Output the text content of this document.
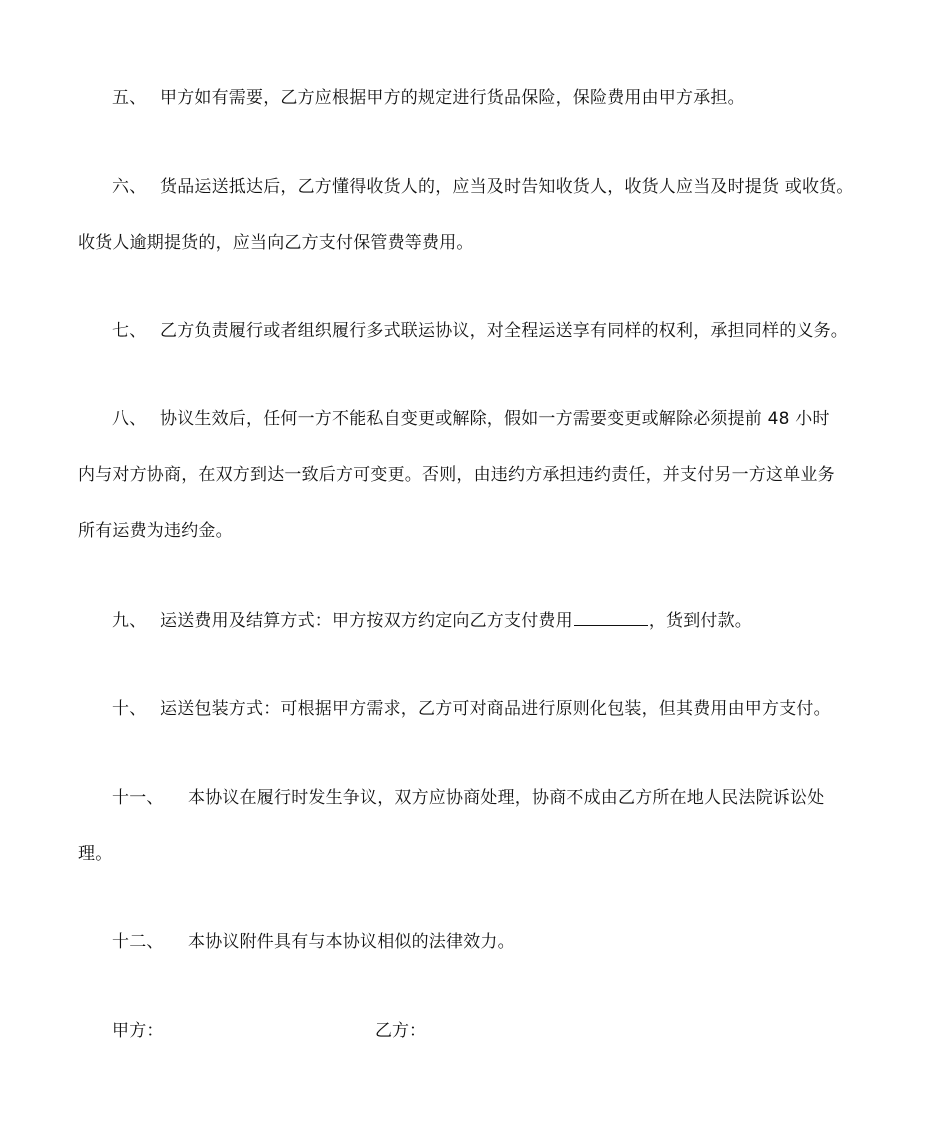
五、 甲方如有需要，乙方应根据甲方的规定进行货品保险，保险费用由甲方承担。
六、 货品运送抵达后，乙方懂得收货人的，应当及时告知收货人，收货人应当及时提货 或收货。
收货人逾期提货的，应当向乙方支付保管费等费用。
七、 乙方负责履行或者组织履行多式联运协议，对全程运送享有同样的权利，承担同样的义务。
八、 协议生效后，任何一方不能私自变更或解除，假如一方需要变更或解除必须提前 48 小时
内与对方协商，在双方到达一致后方可变更。否则，由违约方承担违约责任，并支付另一方这单业务
所有运费为违约金。
九、 运送费用及结算方式：甲方按双方约定向乙方支付费用	，货到付款。
十、 运送包装方式：可根据甲方需求，乙方可对商品进行原则化包装，但其费用由甲方支付。
十一、 本协议在履行时发生争议，双方应协商处理，协商不成由乙方所在地人民法院诉讼处
理。
十二、 本协议附件具有与本协议相似的法律效力。
甲方：	乙方：
